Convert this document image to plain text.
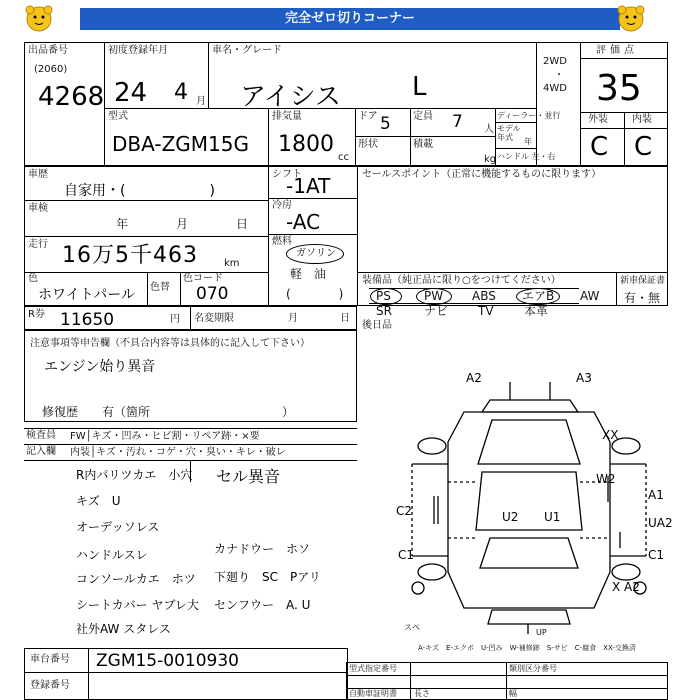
完全ゼロ切りコーナー
出品番号
(2060)
4268
初度登録年月
24 4 月
車名・グレード
アイシス	L
2WD
・
4WD
評価点
35
外装 内装
C C
型式
DBA-ZGM15G
排気量
1800
cc
ドア 5 定員 7 人
形状	積載
kg
ディーラー・並行
モデル
年式	年
ハンドル 左・右
車歴
自家用・(　　　　　　)
シフト
-1AT	セールスポイント（正常に機能するものに限ります）
車検
年	月	日
冷房
-AC
走行 16万5千463	km
燃料
ガソリン
軽　油
(　　　　)
色
ホワイトパール 色替
色コード
070
装備品（純正品に限り○をつけてください）	新車保証書
有・無
PS	PW ABS エアB AW
SR	ナビ TV	本革
R券 11650	円 名変期限	月	日
後日品
注意事項等申告欄（不具合内容等は具体的に記入して下さい）
エンジン始り異音
修復歴　　有（箇所　　　　　　　　　　　）
検査員
記入欄
FW│キズ・凹み・ヒビ割・リペア跡・×要
内装│キズ・汚れ・コゲ・穴・臭い・キレ・破レ
R内パリツカエ　小穴
キズ　U
オーデッソレス
ハンドルスレ
コンソールカエ　ホツ
シートカバー ヤブレ大
社外AW スタレス
セル異音
カナドウー　ホソ
下廻り　SC　Pアリ
センフウー　A. U
A2	A3
XX
W2
A1
UA2
C2	U2 U1
C1	C1
X A2
スペ
UP
A-キズ　E-エクボ　U-凹み　W-補修跡　S-サビ　C-腐食　XX-交換済
車台番号 ZGM15-0010930
登録番号
型式指定番号	類別区分番号
自動車証明書 長さ	幅
